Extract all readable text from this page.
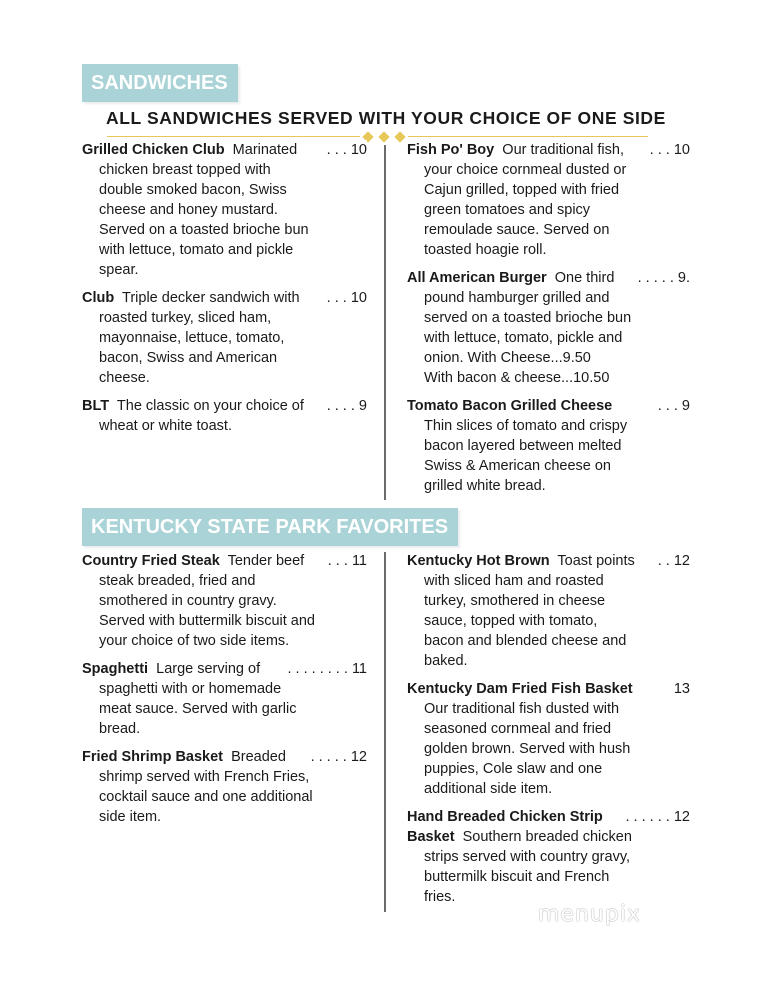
SANDWICHES
ALL SANDWICHES SERVED WITH YOUR CHOICE OF ONE SIDE
Grilled Chicken Club Marinated . . . 10
chicken breast topped with
double smoked bacon, Swiss
cheese and honey mustard.
Served on a toasted brioche bun
with lettuce, tomato and pickle
spear.
Club Triple decker sandwich with . . . 10
roasted turkey, sliced ham,
mayonnaise, lettuce, tomato,
bacon, Swiss and American
cheese.
BLT The classic on your choice of . . . . 9
wheat or white toast.
Fish Po' Boy Our traditional fish, . . . 10
your choice cornmeal dusted or
Cajun grilled, topped with fried
green tomatoes and spicy
remoulade sauce. Served on
toasted hoagie roll.
All American Burger One third . . . . . 9.
pound hamburger grilled and
served on a toasted brioche bun
with lettuce, tomato, pickle and
onion. With Cheese...9.50
With bacon & cheese...10.50
Tomato Bacon Grilled Cheese	. . . 9
Thin slices of tomato and crispy
bacon layered between melted
Swiss & American cheese on
grilled white bread.
KENTUCKY STATE PARK FAVORITES
Country Fried Steak Tender beef . . . 11
steak breaded, fried and
smothered in country gravy.
Served with buttermilk biscuit and
your choice of two side items.
Spaghetti Large serving of . . . . . . . . 11
spaghetti with or homemade
meat sauce. Served with garlic
bread.
Fried Shrimp Basket Breaded . . . . . 12
shrimp served with French Fries,
cocktail sauce and one additional
side item.
Kentucky Hot Brown Toast points . . 12
with sliced ham and roasted
turkey, smothered in cheese
sauce, topped with tomato,
bacon and blended cheese and
baked.
Kentucky Dam Fried Fish Basket	13
Our traditional fish dusted with
seasoned cornmeal and fried
golden brown. Served with hush
puppies, Cole slaw and one
additional side item.
Hand Breaded Chicken Strip . . . . . . 12
Basket Southern breaded chicken
strips served with country gravy,
buttermilk biscuit and French
fries.
menupix
